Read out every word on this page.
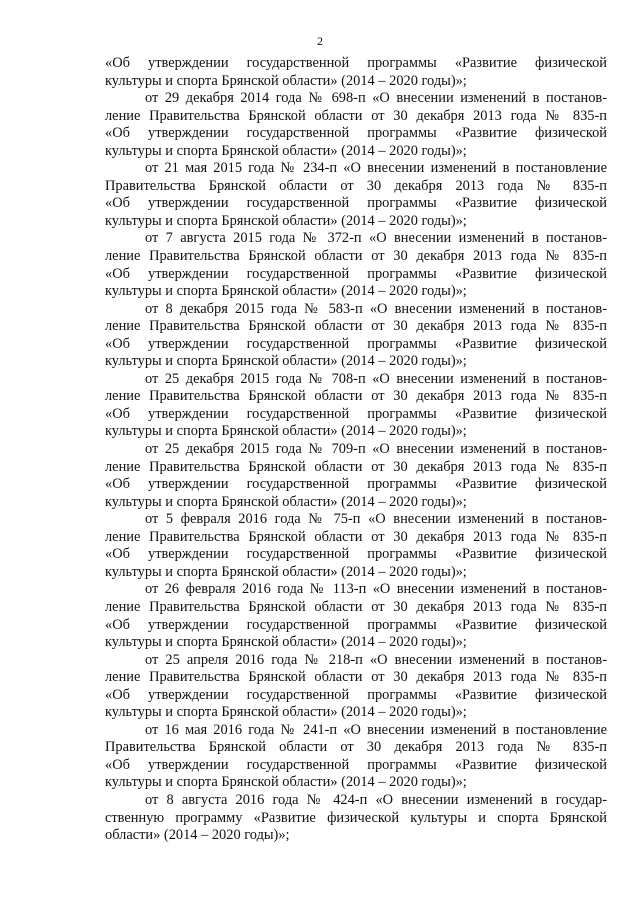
2
«Об утверждении государственной программы «Развитие физической
культуры и спорта Брянской области» (2014 – 2020 годы)»;
от 29 декабря 2014 года № 698-п «О внесении изменений в постанов-
ление Правительства Брянской области от 30 декабря 2013 года № 835-п
«Об утверждении государственной программы «Развитие физической
культуры и спорта Брянской области» (2014 – 2020 годы)»;
от 21 мая 2015 года № 234-п «О внесении изменений в постановление
Правительства Брянской области от 30 декабря 2013 года № 835-п
«Об утверждении государственной программы «Развитие физической
культуры и спорта Брянской области» (2014 – 2020 годы)»;
от 7 августа 2015 года № 372-п «О внесении изменений в постанов-
ление Правительства Брянской области от 30 декабря 2013 года № 835-п
«Об утверждении государственной программы «Развитие физической
культуры и спорта Брянской области» (2014 – 2020 годы)»;
от 8 декабря 2015 года № 583-п «О внесении изменений в постанов-
ление Правительства Брянской области от 30 декабря 2013 года № 835-п
«Об утверждении государственной программы «Развитие физической
культуры и спорта Брянской области» (2014 – 2020 годы)»;
от 25 декабря 2015 года № 708-п «О внесении изменений в постанов-
ление Правительства Брянской области от 30 декабря 2013 года № 835-п
«Об утверждении государственной программы «Развитие физической
культуры и спорта Брянской области» (2014 – 2020 годы)»;
от 25 декабря 2015 года № 709-п «О внесении изменений в постанов-
ление Правительства Брянской области от 30 декабря 2013 года № 835-п
«Об утверждении государственной программы «Развитие физической
культуры и спорта Брянской области» (2014 – 2020 годы)»;
от 5 февраля 2016 года № 75-п «О внесении изменений в постанов-
ление Правительства Брянской области от 30 декабря 2013 года № 835-п
«Об утверждении государственной программы «Развитие физической
культуры и спорта Брянской области» (2014 – 2020 годы)»;
от 26 февраля 2016 года № 113-п «О внесении изменений в постанов-
ление Правительства Брянской области от 30 декабря 2013 года № 835-п
«Об утверждении государственной программы «Развитие физической
культуры и спорта Брянской области» (2014 – 2020 годы)»;
от 25 апреля 2016 года № 218-п «О внесении изменений в постанов-
ление Правительства Брянской области от 30 декабря 2013 года № 835-п
«Об утверждении государственной программы «Развитие физической
культуры и спорта Брянской области» (2014 – 2020 годы)»;
от 16 мая 2016 года № 241-п «О внесении изменений в постановление
Правительства Брянской области от 30 декабря 2013 года № 835-п
«Об утверждении государственной программы «Развитие физической
культуры и спорта Брянской области» (2014 – 2020 годы)»;
от 8 августа 2016 года № 424-п «О внесении изменений в государ-
ственную программу «Развитие физической культуры и спорта Брянской
области» (2014 – 2020 годы)»;
